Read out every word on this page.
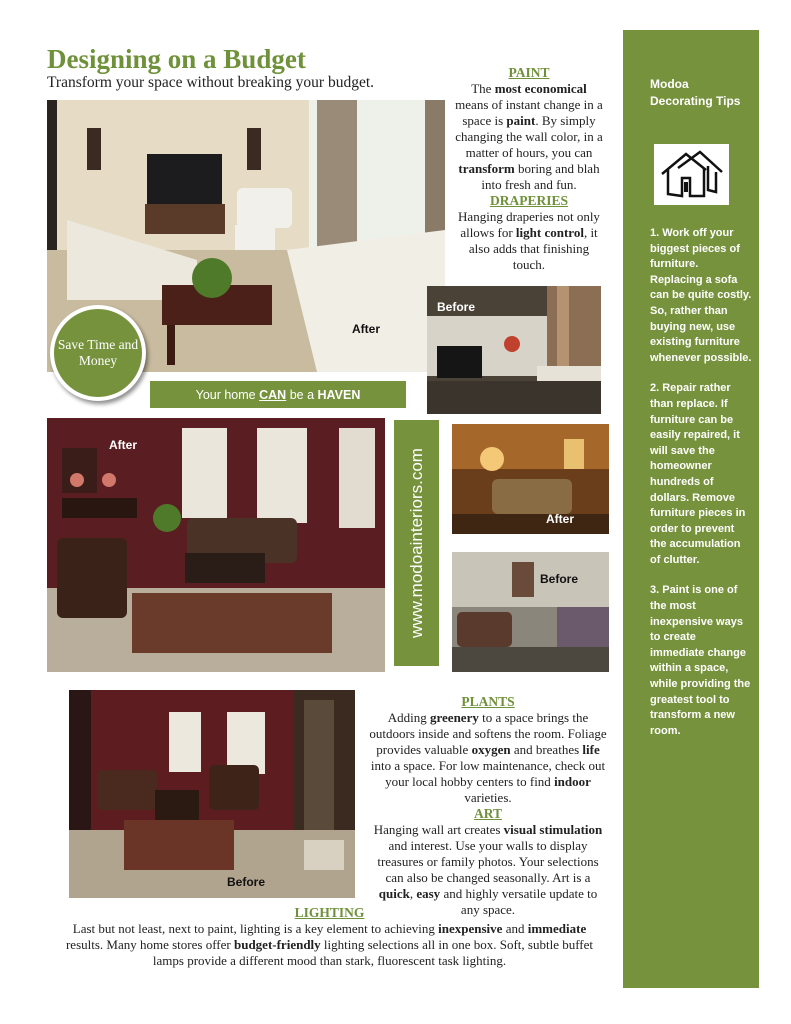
Designing on a Budget
Transform your space without breaking your budget.
PAINT
The most economical means of instant change in a space is paint. By simply changing the wall color, in a matter of hours, you can transform boring and blah into fresh and fun.
DRAPERIES
Hanging draperies not only allows for light control, it also adds that finishing touch.
After
Before
Save Time and Money
Your home
CAN
be a
HAVEN
After
www.modoainteriors.com	After
Before
Before
PLANTS
Adding greenery to a space brings the outdoors inside and softens the room. Foliage provides valuable oxygen and breathes life into a space. For low maintenance, check out your local hobby centers to find indoor varieties.
ART
Hanging wall art creates visual stimulation and interest. Use your walls to display treasures or family photos. Your selections can also be changed seasonally. Art is a quick, easy and highly versatile update to any space.
LIGHTING
Last but not least, next to paint, lighting is a key element to achieving inexpensive and immediate results. Many home stores offer budget-friendly lighting selections all in one box. Soft, subtle buffet lamps provide a different mood than stark, fluorescent task lighting.
Modoa Decorating Tips
1. Work off your biggest pieces of furniture. Replacing a sofa can be quite costly. So, rather than buying new, use existing furniture whenever possible.
2. Repair rather than replace. If furniture can be easily repaired, it will save the homeowner hundreds of dollars. Remove furniture pieces in order to prevent the accumulation of clutter.
3. Paint is one of the most inexpensive ways to create immediate change within a space, while providing the greatest tool to transform a new room.
